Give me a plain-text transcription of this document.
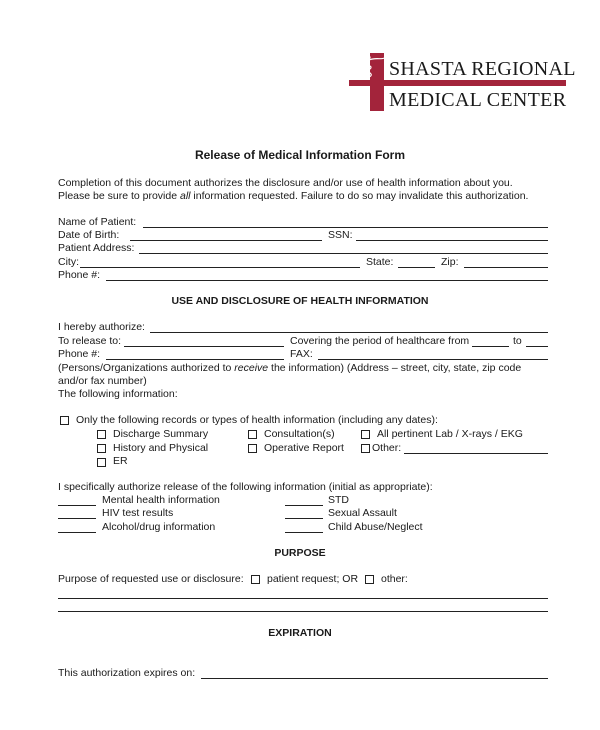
SHASTA REGIONAL
MEDICAL CENTER
Release of Medical Information Form
Completion of this document authorizes the disclosure and/or use of health information about you.
Please be sure to provide all information requested. Failure to do so may invalidate this authorization.
Name of Patient:
Date of Birth:	SSN:
Patient Address:
City:	State:	Zip:
Phone #:
USE AND DISCLOSURE OF HEALTH INFORMATION
I hereby authorize:
To release to:	Covering the period of healthcare from	to
Phone #:	FAX:
(Persons/Organizations authorized to receive the information) (Address – street, city, state, zip code
and/or fax number)
The following information:
Only the following records or types of health information (including any dates):
Discharge Summary	Consultation(s)	All pertinent Lab / X-rays / EKG
History and Physical	Operative Report	Other:
ER
I specifically authorize release of the following information (initial as appropriate):
Mental health information	STD
HIV test results	Sexual Assault
Alcohol/drug information	Child Abuse/Neglect
PURPOSE
Purpose of requested use or disclosure: patient request; OR other:
EXPIRATION
This authorization expires on:
